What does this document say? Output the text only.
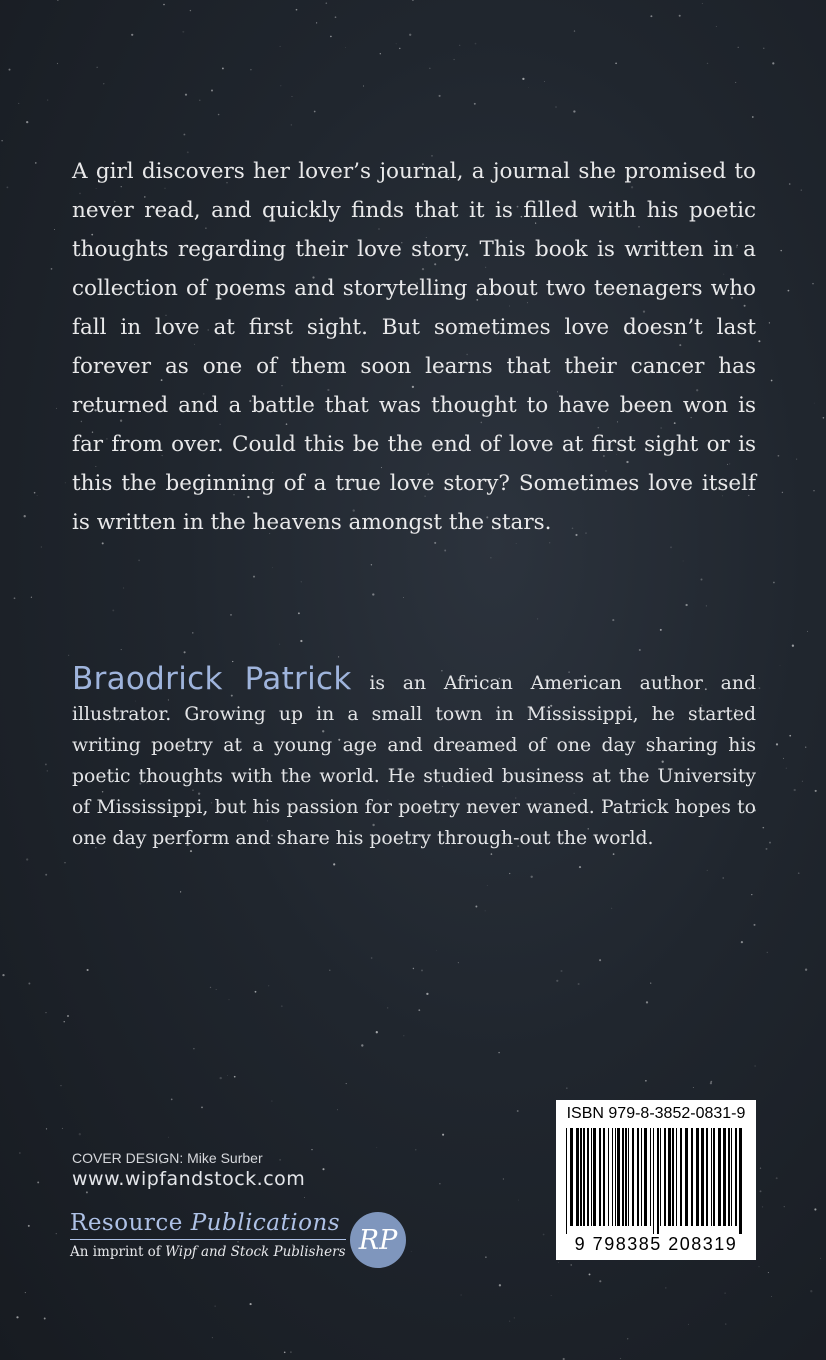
A girl discovers her lover’s journal, a journal she promised to never read, and quickly finds that it is filled with his poetic thoughts regarding their love story. This book is written in a collection of poems and storytelling about two teenagers who fall in love at first sight. But sometimes love doesn’t last forever as one of them soon learns that their cancer has returned and a battle that was thought to have been won is far from over. Could this be the end of love at first sight or is this the beginning of a true love story? Sometimes love itself is written in the heavens amongst the stars.

Braodrick Patrick is an African American author and illustrator. Growing up in a small town in Mississippi, he started writing poetry at a young age and dreamed of one day sharing his poetic thoughts with the world. He studied business at the University of Mississippi, but his passion for poetry never waned. Patrick hopes to one day perform and share his poetry through-out the world.

COVER DESIGN: Mike Surber
www.wipfandstock.com
Resource Publications
An imprint of Wipf and Stock Publishers RP
ISBN 979-8-3852-0831-9
9 798385 208319
